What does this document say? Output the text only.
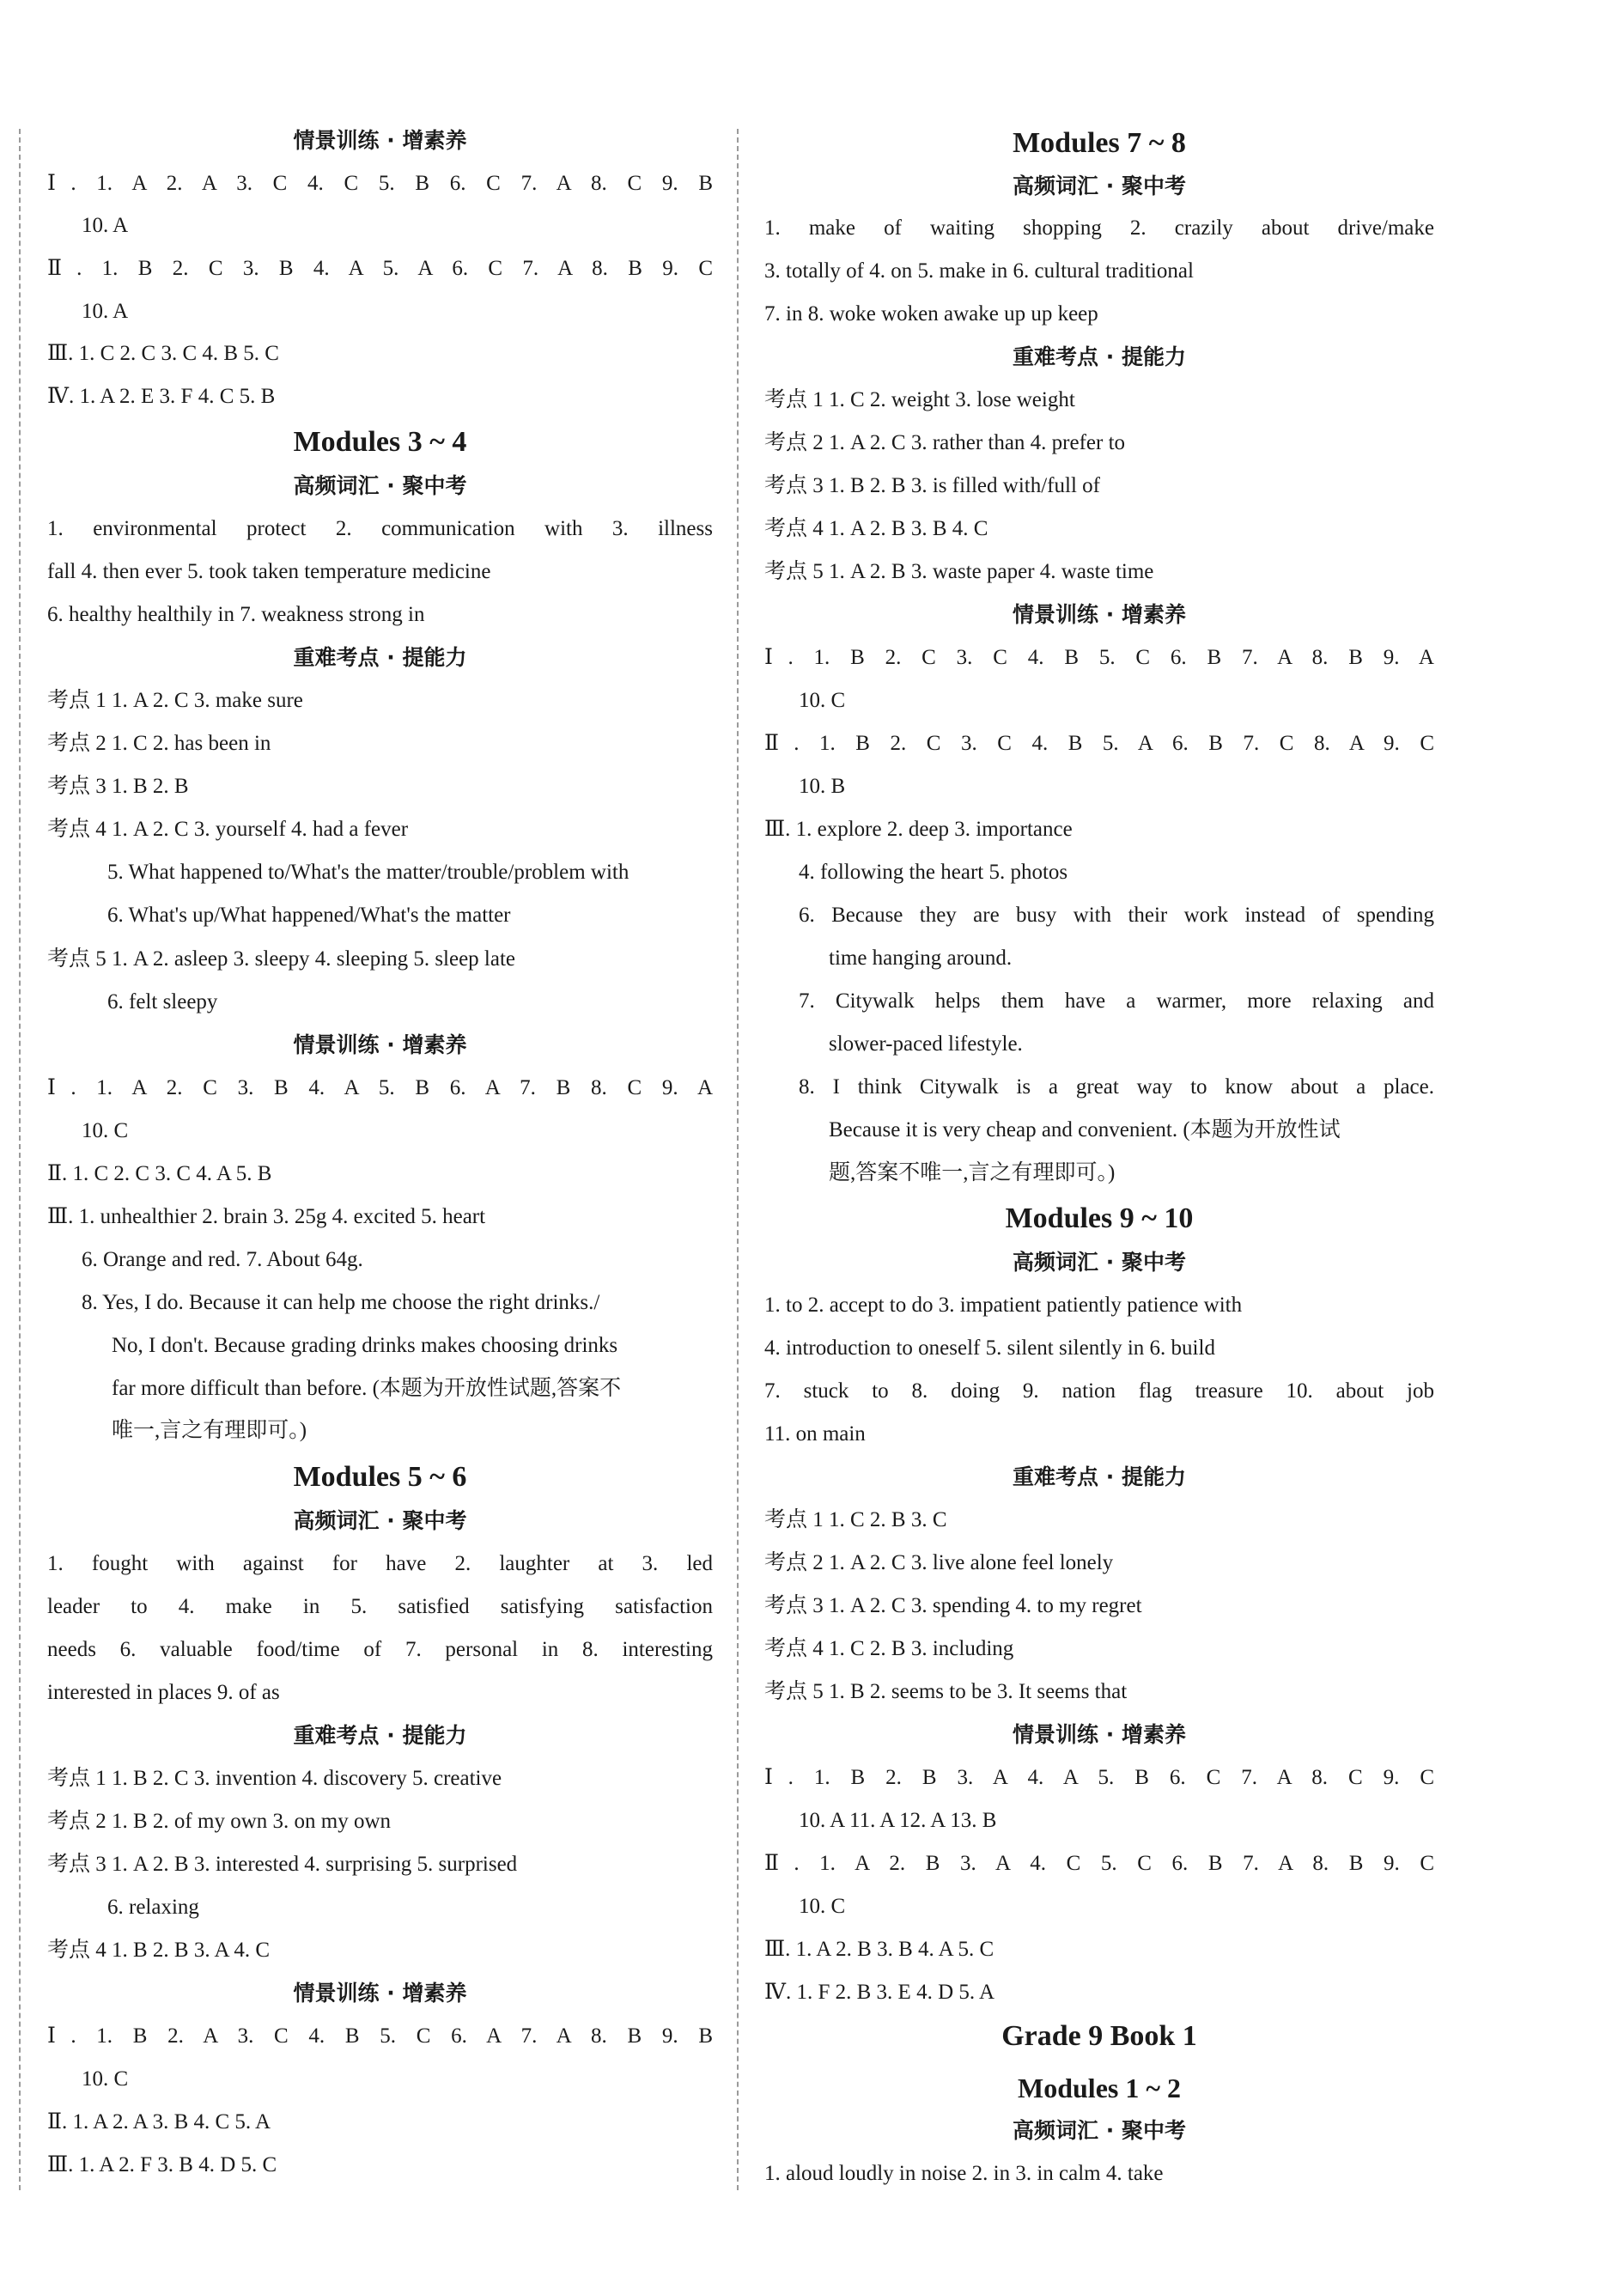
情景训练 · 增素养
Ⅰ. 1. A 2. A 3. C 4. C 5. B 6. C 7. A 8. C 9. B
10. A
Ⅱ. 1. B 2. C 3. B 4. A 5. A 6. C 7. A 8. B 9. C
10. A
Ⅲ. 1. C 2. C 3. C 4. B 5. C
Ⅳ. 1. A 2. E 3. F 4. C 5. B
Modules 3 ~ 4
高频词汇 · 聚中考
1. environmental protect 2. communication with 3. illness
fall 4. then ever 5. took taken temperature medicine
6. healthy healthily in 7. weakness strong in
重难考点 · 提能力
考点 1 1. A 2. C 3. make sure
考点 2 1. C 2. has been in
考点 3 1. B 2. B
考点 4 1. A 2. C 3. yourself 4. had a fever
5. What happened to/What's the matter/trouble/problem with
6. What's up/What happened/What's the matter
考点 5 1. A 2. asleep 3. sleepy 4. sleeping 5. sleep late
6. felt sleepy
情景训练 · 增素养
Ⅰ. 1. A 2. C 3. B 4. A 5. B 6. A 7. B 8. C 9. A
10. C
Ⅱ. 1. C 2. C 3. C 4. A 5. B
Ⅲ. 1. unhealthier 2. brain 3. 25g 4. excited 5. heart
6. Orange and red. 7. About 64g.
8. Yes, I do. Because it can help me choose the right drinks./
No, I don't. Because grading drinks makes choosing drinks
far more difficult than before. (本题为开放性试题,答案不
唯一,言之有理即可。)
Modules 5 ~ 6
高频词汇 · 聚中考
1. fought with against for have 2. laughter at 3. led
leader to 4. make in 5. satisfied satisfying satisfaction
needs 6. valuable food/time of 7. personal in 8. interesting
interested in places 9. of as
重难考点 · 提能力
考点 1 1. B 2. C 3. invention 4. discovery 5. creative
考点 2 1. B 2. of my own 3. on my own
考点 3 1. A 2. B 3. interested 4. surprising 5. surprised
6. relaxing
考点 4 1. B 2. B 3. A 4. C
情景训练 · 增素养
Ⅰ. 1. B 2. A 3. C 4. B 5. C 6. A 7. A 8. B 9. B
10. C
Ⅱ. 1. A 2. A 3. B 4. C 5. A
Ⅲ. 1. A 2. F 3. B 4. D 5. C
Modules 7 ~ 8
高频词汇 · 聚中考
1. make of waiting shopping 2. crazily about drive/make
3. totally of 4. on 5. make in 6. cultural traditional
7. in 8. woke woken awake up up keep
重难考点 · 提能力
考点 1 1. C 2. weight 3. lose weight
考点 2 1. A 2. C 3. rather than 4. prefer to
考点 3 1. B 2. B 3. is filled with/full of
考点 4 1. A 2. B 3. B 4. C
考点 5 1. A 2. B 3. waste paper 4. waste time
情景训练 · 增素养
Ⅰ. 1. B 2. C 3. C 4. B 5. C 6. B 7. A 8. B 9. A
10. C
Ⅱ. 1. B 2. C 3. C 4. B 5. A 6. B 7. C 8. A 9. C
10. B
Ⅲ. 1. explore 2. deep 3. importance
4. following the heart 5. photos
6. Because they are busy with their work instead of spending
time hanging around.
7. Citywalk helps them have a warmer, more relaxing and
slower-paced lifestyle.
8. I think Citywalk is a great way to know about a place.
Because it is very cheap and convenient. (本题为开放性试
题,答案不唯一,言之有理即可。)
Modules 9 ~ 10
高频词汇 · 聚中考
1. to 2. accept to do 3. impatient patiently patience with
4. introduction to oneself 5. silent silently in 6. build
7. stuck to 8. doing 9. nation flag treasure 10. about job
11. on main
重难考点 · 提能力
考点 1 1. C 2. B 3. C
考点 2 1. A 2. C 3. live alone feel lonely
考点 3 1. A 2. C 3. spending 4. to my regret
考点 4 1. C 2. B 3. including
考点 5 1. B 2. seems to be 3. It seems that
情景训练 · 增素养
Ⅰ. 1. B 2. B 3. A 4. A 5. B 6. C 7. A 8. C 9. C
10. A 11. A 12. A 13. B
Ⅱ. 1. A 2. B 3. A 4. C 5. C 6. B 7. A 8. B 9. C
10. C
Ⅲ. 1. A 2. B 3. B 4. A 5. C
Ⅳ. 1. F 2. B 3. E 4. D 5. A
Grade 9 Book 1
Modules 1 ~ 2
高频词汇 · 聚中考
1. aloud loudly in noise 2. in 3. in calm 4. take
